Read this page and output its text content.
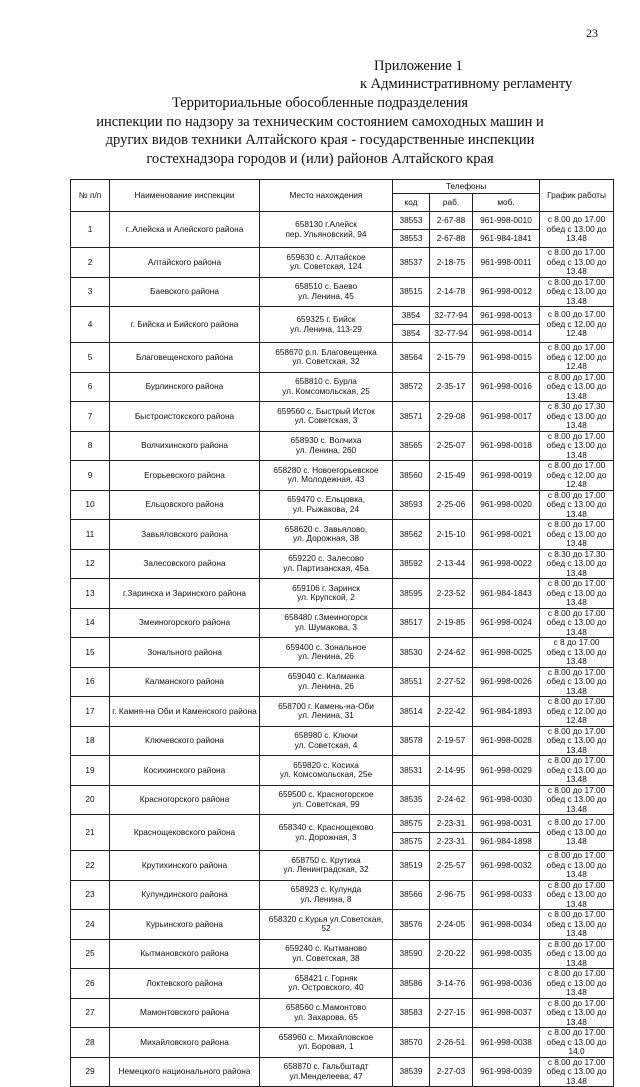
23
Приложение 1
к Административному регламенту
Территориальные обособленные подразделения
инспекции по надзору за техническим состоянием самоходных машин и
других видов техники Алтайского края - государственные инспекции
гостехнадзора городов и (или) районов Алтайского края
№ п/п	Наименование инспекции	Место нахождения	Телефоны			График работы
			код	раб.	моб.	
1	г..Алейска и Алейского района	658130 г.Алейск
пер. Ульяновский, 94	38553	2-67-88	961-998-0010	с 8.00 до 17.00
обед с 13.00 до 13.48

			38553	2-67-88	961-984-1841	
2	Алтайского района	659630 с. Алтайское
ул. Советская, 124	38537	2-18-75	961-998-0011	с 8.00 до 17.00
обед с 13.00 до 13.48

3	Баевского района	658510 с. Баево
ул. Ленина, 45	38515	2-14-78	961-998-0012	с 8.00 до 17.00
обед с 13.00 до 13.48

4	г. Бийска и Бийского района	659325 г. Бийск
ул. Ленина, 113-29	3854	32-77-94	961-998-0013	с 8.00 до 17.00
обед с 12.00 до 12.48

			3854	32-77-94	961-998-0014	
5	Благовещенского района	658670 р.п. Благовещенка
ул. Советская, 32	38564	2-15-79	961-998-0015	с 8.00 до 17.00
обед с 12.00 до 12.48

6	Бурлинского района	658810 с. Бурла
ул. Комсомольская, 25	38572	2-35-17	961-998-0016	с 8.00 до 17.00
обед с 13.00 до 13.48

7	Быстроистокского района	659560 с. Быстрый Исток
ул. Советская, 3	38571	2-29-08	961-998-0017	с 8.30 до 17.30
обед с 13.00 до 13.48

8	Волчихинского района	658930 с. Волчиха
ул. Ленина, 260	38565	2-25-07	961-998-0018	с 8.00 до 17.00
обед с 13.00 до 13.48

9	Егорьевского района	658280 с. Новоегорьевское
ул. Молодежная, 43	38560	2-15-49	961-998-0019	с 8.00 до 17.00
обед с 12.00 до 12.48

10	Ельцовского района	659470 с. Ельцовка,
ул. Рыжакова, 24	38593	2-25-06	961-998-0020	с 8.00 до 17.00
обед с 13.00 до 13.48

11	Завьяловского района	658620 с. Завьялово,
ул. Дорожная, 38	38562	2-15-10	961-998-0021	с 8.00 до 17.00
обед с 13.00 до 13.48

12	Залесовского района	659220 с. Залесово
ул. Партизанская, 45а	38592	2-13-44	961-998-0022	с 8.30 до 17.30
обед с 13.00 до 13.48

13	г.Заринска и Заринского района	659106 г. Заринск
ул. Крупской, 2	38595	2-23-52	961-984-1843	с 8.00 до 17.00
обед с 13.00 до 13.48

14	Змеиногорского района	658480 г.Змеиногорск
ул. Шумакова, 3	38517	2-19-85	961-998-0024	с 8.00 до 17.00
обед с 13.00 до 13.48

15	Зонального района	659400 с. Зональное
ул. Ленина, 26	38530	2-24-62	961-998-0025	с 8 до 17.00
обед с 13.00 до 13.48

16	Калманского района	659040 с. Калманка
ул. Ленина, 26	38551	2-27-52	961-998-0026	с 8.00 до 17.00
обед с 13.00 до 13.48

17	г. Камня-на Оби и Каменского района	658700 г. Камень-на-Оби
ул. Ленина, 31	38514	2-22-42	961-984-1893	с 8.00 до 17.00
обед с 12.00 до 12.48

18	Ключевского района	658980 с. Ключи
ул. Советская, 4	38578	2-19-57	961-998-0028	с 8.00 до 17.00
обед с 13.00 до 13.48

19	Косихинского района	659820 с. Косиха
ул. Комсомольская, 25е	38531	2-14-95	961-998-0029	с 8.00 до 17.00
обед с 13.00 до 13.48

20	Красногорского района	659500 с. Красногорское
ул. Советская, 99	38535	2-24-62	961-998-0030	с 8.00 до 17.00
обед с 13.00 до 13.48

21	Краснощековского района	658340 с. Краснощеково
ул. Дорожная, 3	38575	2-23-31	961-998-0031	с 8.00 до 17.00
обед с 13.00 до 13.48

			38575	2-23-31	961-984-1898	
22	Крутихинского района	658750 с. Крутиха
ул. Ленинградская, 32	38519	2-25-57	961-998-0032	с 8.00 до 17.00
обед с 13.00 до 13.48

23	Кулундинского района	658923 с. Кулунда
ул. Ленина, 8	38566	2-96-75	961-998-0033	с 8.00 до 17.00
обед с 13.00 до 13.48

24	Курьинского района	658320 с.Курья ул.Советская,
52	38576	2-24-05	961-998-0034	с 8.00 до 17.00
обед с 13.00 до 13.48

25	Кытмановского района	659240 с. Кытманово
ул. Советская, 38	38590	2-20-22	961-998-0035	с 8.00 до 17.00
обед с 13.00 до 13.48

26	Локтевского района	658421 г. Горняк
ул. Островского, 40	38586	3-14-76	961-998-0036	с 8.00 до 17.00
обед с 13.00 до 13.48

27	Мамонтовского района	658560 с.Мамонтово
ул. Захарова, 65	38583	2-27-15	961-998-0037	с 8.00 до 17.00
обед с 13.00 до 13.48

28	Михайловского района	658960 с. Михайловское
ул. Боровая, 1	38570	2-26-51	961-998-0038	с 8.00 до 17.00
обед с 13.00 до 14.0

29	Немецкого национального района	658870 с. Гальбштадт
ул.Менделеева, 47	38539	2-27-03	961-998-0039	с 8.00 до 17.00
обед с 13.00 до 13.48
